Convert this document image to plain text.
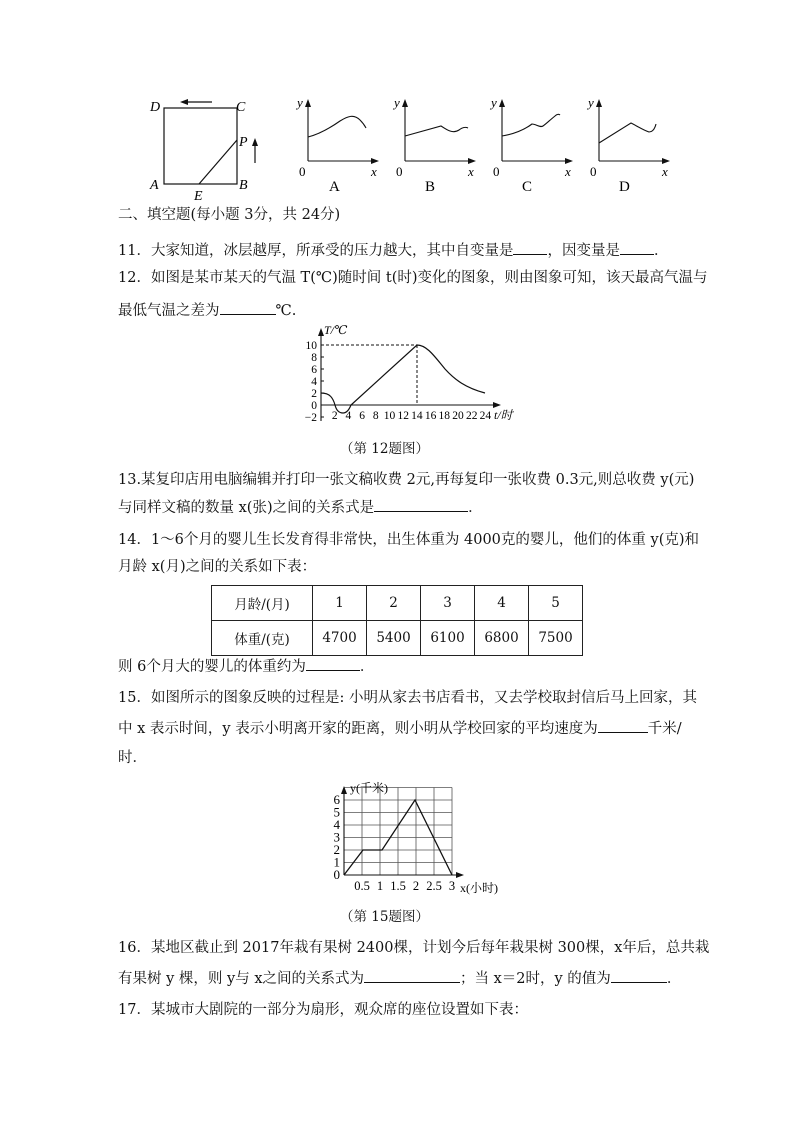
D	C
A	B
E
P
y
0	x
A
y
0	x
B
y
0	x
C
y
0	x
D
二、填空题(每小题 3分，共 24分)
11．大家知道，冰层越厚，所承受的压力越大，其中自变量是 ，因变量是 ．
12．如图是某市某天的气温 T(℃)随时间 t(时)变化的图象，则由图象可知，该天最高气温与
最低气温之差为	℃.
10
8
6
4
2
0
−2 2 4 6 8 10 12 14 16 18 20 22 24
T/℃
t/时
（第 12题图）
13.某复印店用电脑编辑并打印一张文稿收费 2元,再每复印一张收费 0.3元,则总收费 y(元)
与同样文稿的数量 x(张)之间的关系式是	．
14．1～6个月的婴儿生长发育得非常快，出生体重为 4000克的婴儿，他们的体重 y(克)和
月龄 x(月)之间的关系如下表：
月龄/(月)	1	2	3	4	5
体重/(克)	4700	5400	6100	6800	7500
则 6个月大的婴儿的体重约为	．
15．如图所示的图象反映的过程是: 小明从家去书店看书，又去学校取封信后马上回家，其
中 x 表示时间，y 表示小明离开家的距离，则小明从学校回家的平均速度为	千米/
时．
6
5
4
3
2
1
0
0.5 1 1.5 2 2.5 3
y(千米)
x(小时)
（第 15题图）
16．某地区截止到 2017年栽有果树 2400棵，计划今后每年栽果树 300棵，x年后，总共栽
有果树 y 棵，则 y与 x之间的关系式为	；当 x＝2时，y 的值为	．
17．某城市大剧院的一部分为扇形，观众席的座位设置如下表：
